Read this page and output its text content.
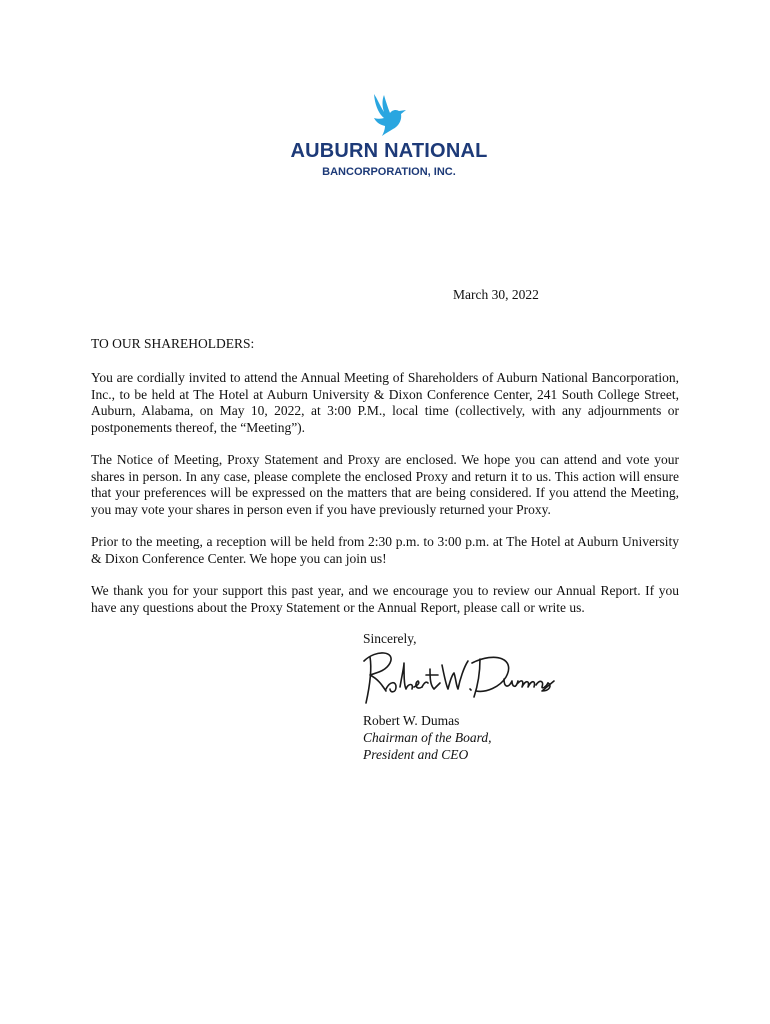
AUBURN NATIONAL
BANCORPORATION, INC.
March 30, 2022
TO OUR SHAREHOLDERS:
You are cordially invited to attend the Annual Meeting of Shareholders of Auburn National Bancorporation, Inc., to be held at The Hotel at Auburn University & Dixon Conference Center, 241 South College Street, Auburn, Alabama, on May 10, 2022, at 3:00 P.M., local time (collectively, with any adjournments or postponements thereof, the “Meeting”).
The Notice of Meeting, Proxy Statement and Proxy are enclosed. We hope you can attend and vote your shares in person. In any case, please complete the enclosed Proxy and return it to us. This action will ensure that your preferences will be expressed on the matters that are being considered. If you attend the Meeting, you may vote your shares in person even if you have previously returned your Proxy.
Prior to the meeting, a reception will be held from 2:30 p.m. to 3:00 p.m. at The Hotel at Auburn University & Dixon Conference Center. We hope you can join us!
We thank you for your support this past year, and we encourage you to review our Annual Report. If you have any questions about the Proxy Statement or the Annual Report, please call or write us.
Sincerely,
Robert W. Dumas
Chairman of the Board,
President and CEO
